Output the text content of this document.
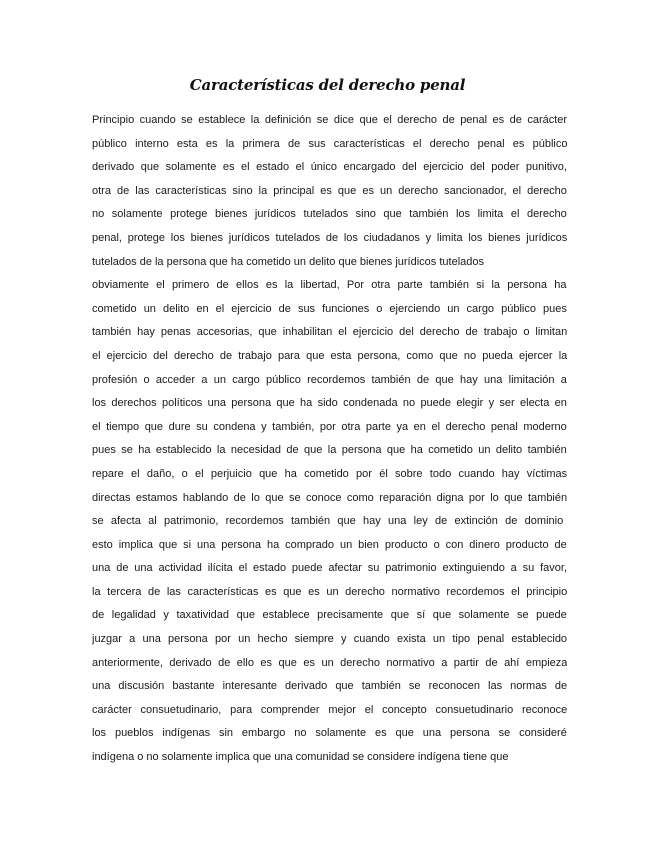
Características del derecho penal
Principio cuando se establece la definición se dice que el derecho de penal es de carácter
público interno esta es la primera de sus características el derecho penal es público
derivado que solamente es el estado el único encargado del ejercicio del poder punitivo,
otra de las características sino la principal es que es un derecho sancionador, el derecho
no solamente protege bienes jurídicos tutelados sino que también los limita el derecho
penal, protege los bienes jurídicos tutelados de los ciudadanos y limita los bienes jurídicos
tutelados de la persona que ha cometido un delito que bienes jurídicos tutelados
obviamente el primero de ellos es la libertad, Por otra parte también si la persona ha
cometido un delito en el ejercicio de sus funciones o ejerciendo un cargo público pues
también hay penas accesorias, que inhabilitan el ejercicio del derecho de trabajo o limitan
el ejercicio del derecho de trabajo para que esta persona, como que no pueda ejercer la
profesión o acceder a un cargo público recordemos también de que hay una limitación a
los derechos políticos una persona que ha sido condenada no puede elegir y ser electa en
el tiempo que dure su condena y también, por otra parte ya en el derecho penal moderno
pues se ha establecido la necesidad de que la persona que ha cometido un delito también
repare el daño, o el perjuicio que ha cometido por él sobre todo cuando hay víctimas
directas estamos hablando de lo que se conoce como reparación digna por lo que también
se afecta al patrimonio, recordemos también que hay una ley de extinción de dominio
esto implica que si una persona ha comprado un bien producto o con dinero producto de
una de una actividad ilícita el estado puede afectar su patrimonio extinguiendo a su favor,
la tercera de las características es que es un derecho normativo recordemos el principio
de legalidad y taxatividad que establece precisamente que sí que solamente se puede
juzgar a una persona por un hecho siempre y cuando exista un tipo penal establecido
anteriormente, derivado de ello es que es un derecho normativo a partir de ahí empieza
una discusión bastante interesante derivado que también se reconocen las normas de
carácter consuetudinario, para comprender mejor el concepto consuetudinario reconoce
los pueblos indígenas sin embargo no solamente es que una persona se consideré
indígena o no solamente implica que una comunidad se considere indígena tiene que
